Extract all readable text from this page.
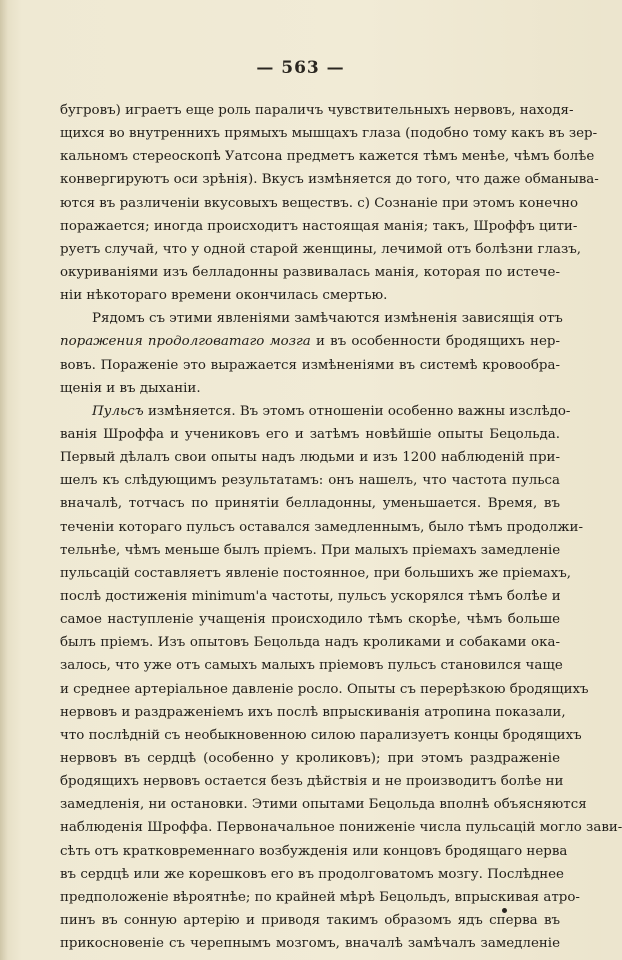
— 563 —
бугровъ) играетъ еще роль параличъ чувствительныхъ нервовъ, находя-
щихся во внутреннихъ прямыхъ мышцахъ глаза (подобно тому какъ въ зер-
кальномъ стереоскопѣ Уатсона предметъ кажется тѣмъ менѣе, чѣмъ болѣе
конвергируютъ оси зрѣнія). Вкусъ измѣняется до того, что даже обманыва-
ются въ различеніи вкусовыхъ веществъ. с) Сознаніе при этомъ конечно
поражается; иногда происходитъ настоящая манія; такъ, Шроффъ цити-
руетъ случай, что у одной старой женщины, лечимой отъ болѣзни глазъ,
окуриваніями изъ белладонны развивалась манія, которая по истече-
ніи нѣкотораго времени окончилась смертью.
Рядомъ съ этими явленіями замѣчаются измѣненія зависящія отъ
поражения продолговатаго мозга и въ особенности бродящихъ нер-
вовъ. Пораженіе это выражается измѣненіями въ системѣ кровообра-
щенія и въ дыханіи.
Пульсъ измѣняется. Въ этомъ отношеніи особенно важны изслѣдо-
ванія Шроффа и учениковъ его и затѣмъ новѣйшіе опыты Бецольда.
Первый дѣлалъ свои опыты надъ людьми и изъ 1200 наблюденій при-
шелъ къ слѣдующимъ результатамъ: онъ нашелъ, что частота пульса
вначалѣ, тотчасъ по принятіи белладонны, уменьшается. Время, въ
теченіи котораго пульсъ оставался замедленнымъ, было тѣмъ продолжи-
тельнѣе, чѣмъ меньше былъ пріемъ. При малыхъ пріемахъ замедленіе
пульсацій составляетъ явленіе постоянное, при большихъ же пріемахъ,
послѣ достиженія minimum'a частоты, пульсъ ускорялся тѣмъ болѣе и
самое наступленіе учащенія происходило тѣмъ скорѣе, чѣмъ больше
былъ пріемъ. Изъ опытовъ Бецольда надъ кроликами и собаками ока-
залось, что уже отъ самыхъ малыхъ пріемовъ пульсъ становился чаще
и среднее артеріальное давленіе росло. Опыты съ перерѣзкою бродящихъ
нервовъ и раздраженіемъ ихъ послѣ впрыскиванія атропина показали,
что послѣдній съ необыкновенною силою парализуетъ концы бродящихъ
нервовъ въ сердцѣ (особенно у кроликовъ); при этомъ раздраженіе
бродящихъ нервовъ остается безъ дѣйствія и не производитъ болѣе ни
замедленія, ни остановки. Этими опытами Бецольда вполнѣ объясняются
наблюденія Шроффа. Первоначальное пониженіе числа пульсацій могло зави-
сѣть отъ кратковременнаго возбужденія или концовъ бродящаго нерва
въ сердцѣ или же корешковъ его въ продолговатомъ мозгу. Послѣднее
предположеніе вѣроятнѣе; по крайней мѣрѣ Бецольдъ, впрыскивая атро-
пинъ въ сонную артерію и приводя такимъ образомъ ядъ сперва въ
прикосновеніе съ черепнымъ мозгомъ, вначалѣ замѣчалъ замедленіе
